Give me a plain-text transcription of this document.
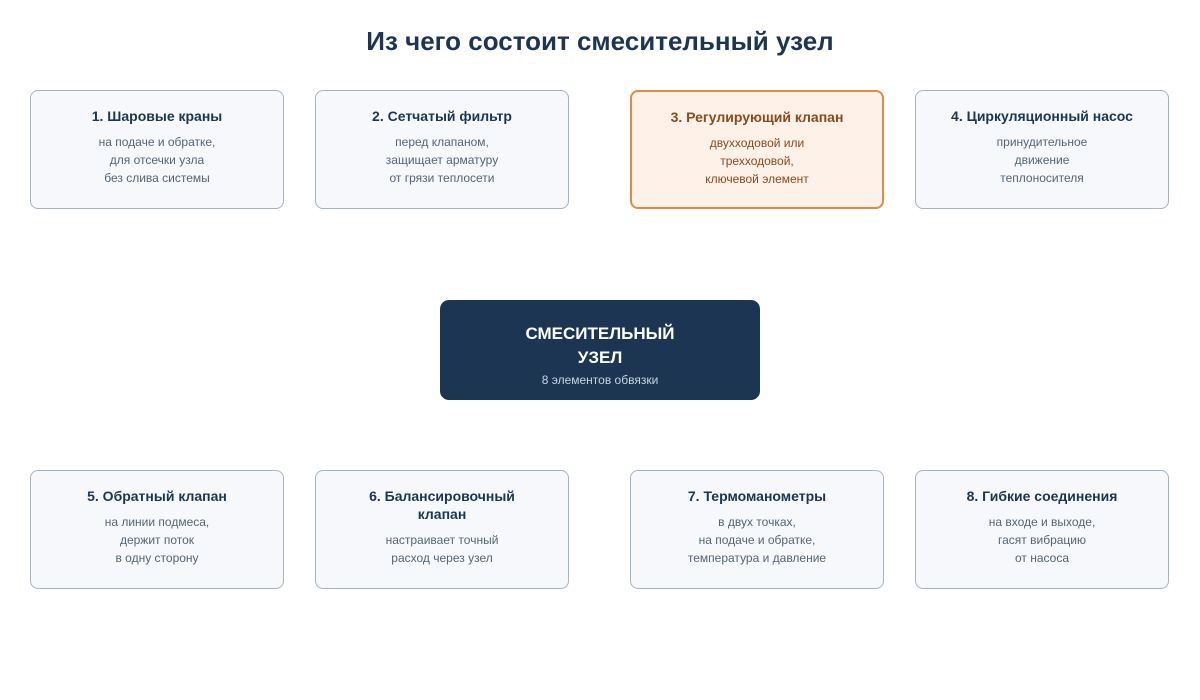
Из чего состоит смесительный узел
1. Шаровые краны
на подаче и обратке,
для отсечки узла
без слива системы
2. Сетчатый фильтр
перед клапаном,
защищает арматуру
от грязи теплосети
3. Регулирующий клапан
двухходовой или
трехходовой,
ключевой элемент
4. Циркуляционный насос
принудительное
движение
теплоносителя
СМЕСИТЕЛЬНЫЙ
УЗЕЛ
8 элементов обвязки
5. Обратный клапан
на линии подмеса,
держит поток
в одну сторону
6. Балансировочный клапан
настраивает точный
расход через узел
7. Термоманометры
в двух точках,
на подаче и обратке,
температура и давление
8. Гибкие соединения
на входе и выходе,
гасят вибрацию
от насоса
